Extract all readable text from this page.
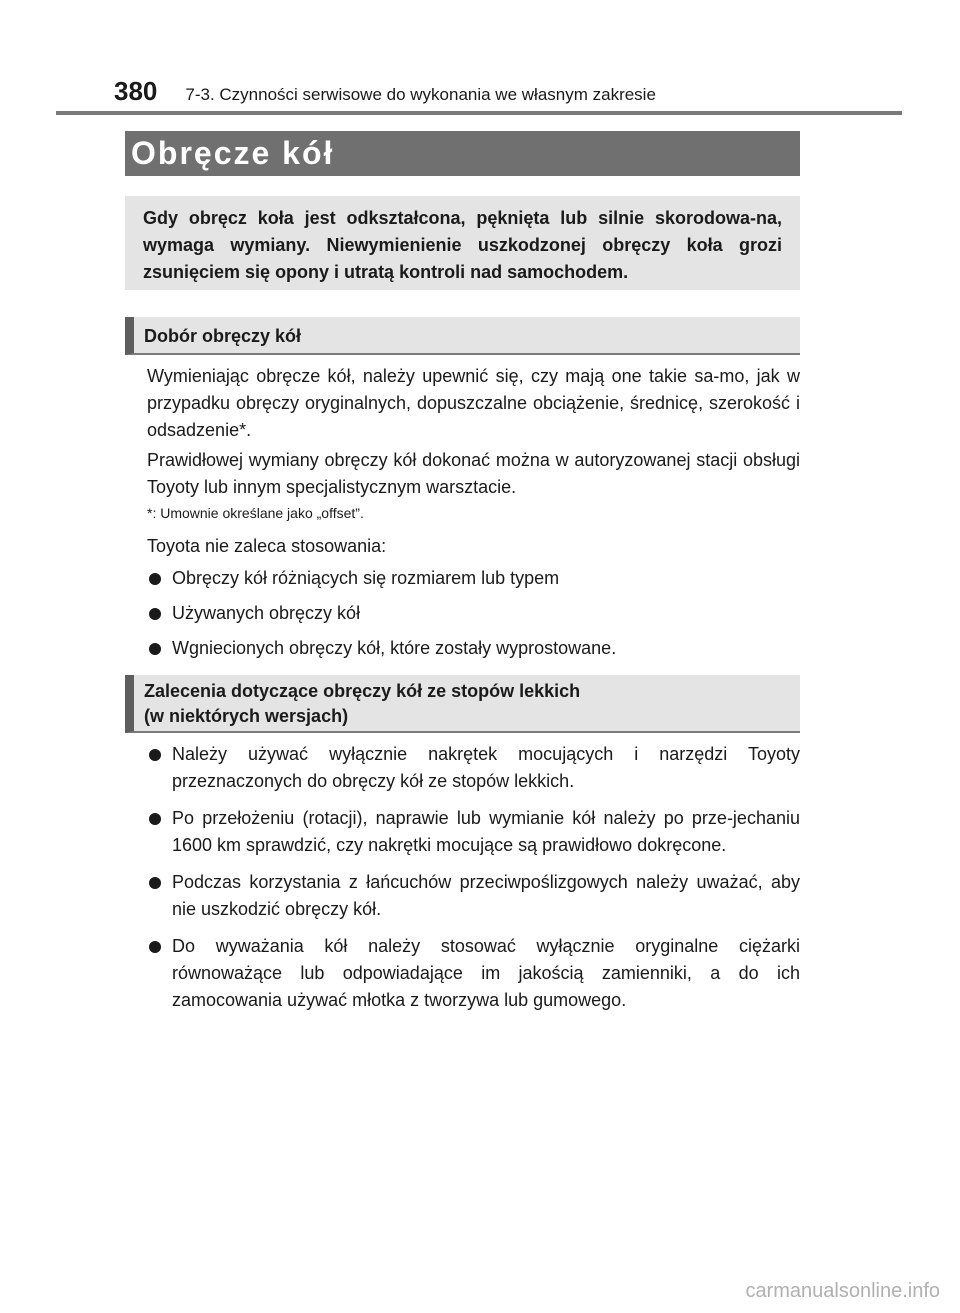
380 7-3. Czynności serwisowe do wykonania we własnym zakresie
Obręcze kół
Gdy obręcz koła jest odkształcona, pęknięta lub silnie skorodowa-na, wymaga wymiany. Niewymienienie uszkodzonej obręczy koła grozi zsunięciem się opony i utratą kontroli nad samochodem.
Dobór obręczy kół
Wymieniając obręcze kół, należy upewnić się, czy mają one takie sa-mo, jak w przypadku obręczy oryginalnych, dopuszczalne obciążenie, średnicę, szerokość i odsadzenie*.
Prawidłowej wymiany obręczy kół dokonać można w autoryzowanej stacji obsługi Toyoty lub innym specjalistycznym warsztacie.
*: Umownie określane jako „offset”.
Toyota nie zaleca stosowania:
Obręczy kół różniących się rozmiarem lub typem
Używanych obręczy kół
Wgniecionych obręczy kół, które zostały wyprostowane.
Zalecenia dotyczące obręczy kół ze stopów lekkich
(w niektórych wersjach)
Należy używać wyłącznie nakrętek mocujących i narzędzi Toyoty przeznaczonych do obręczy kół ze stopów lekkich.
Po przełożeniu (rotacji), naprawie lub wymianie kół należy po prze-jechaniu 1600 km sprawdzić, czy nakrętki mocujące są prawidłowo dokręcone.
Podczas korzystania z łańcuchów przeciwpoślizgowych należy uważać, aby nie uszkodzić obręczy kół.
Do wyważania kół należy stosować wyłącznie oryginalne ciężarki równoważące lub odpowiadające im jakością zamienniki, a do ich zamocowania używać młotka z tworzywa lub gumowego.
carmanualsonline.info
